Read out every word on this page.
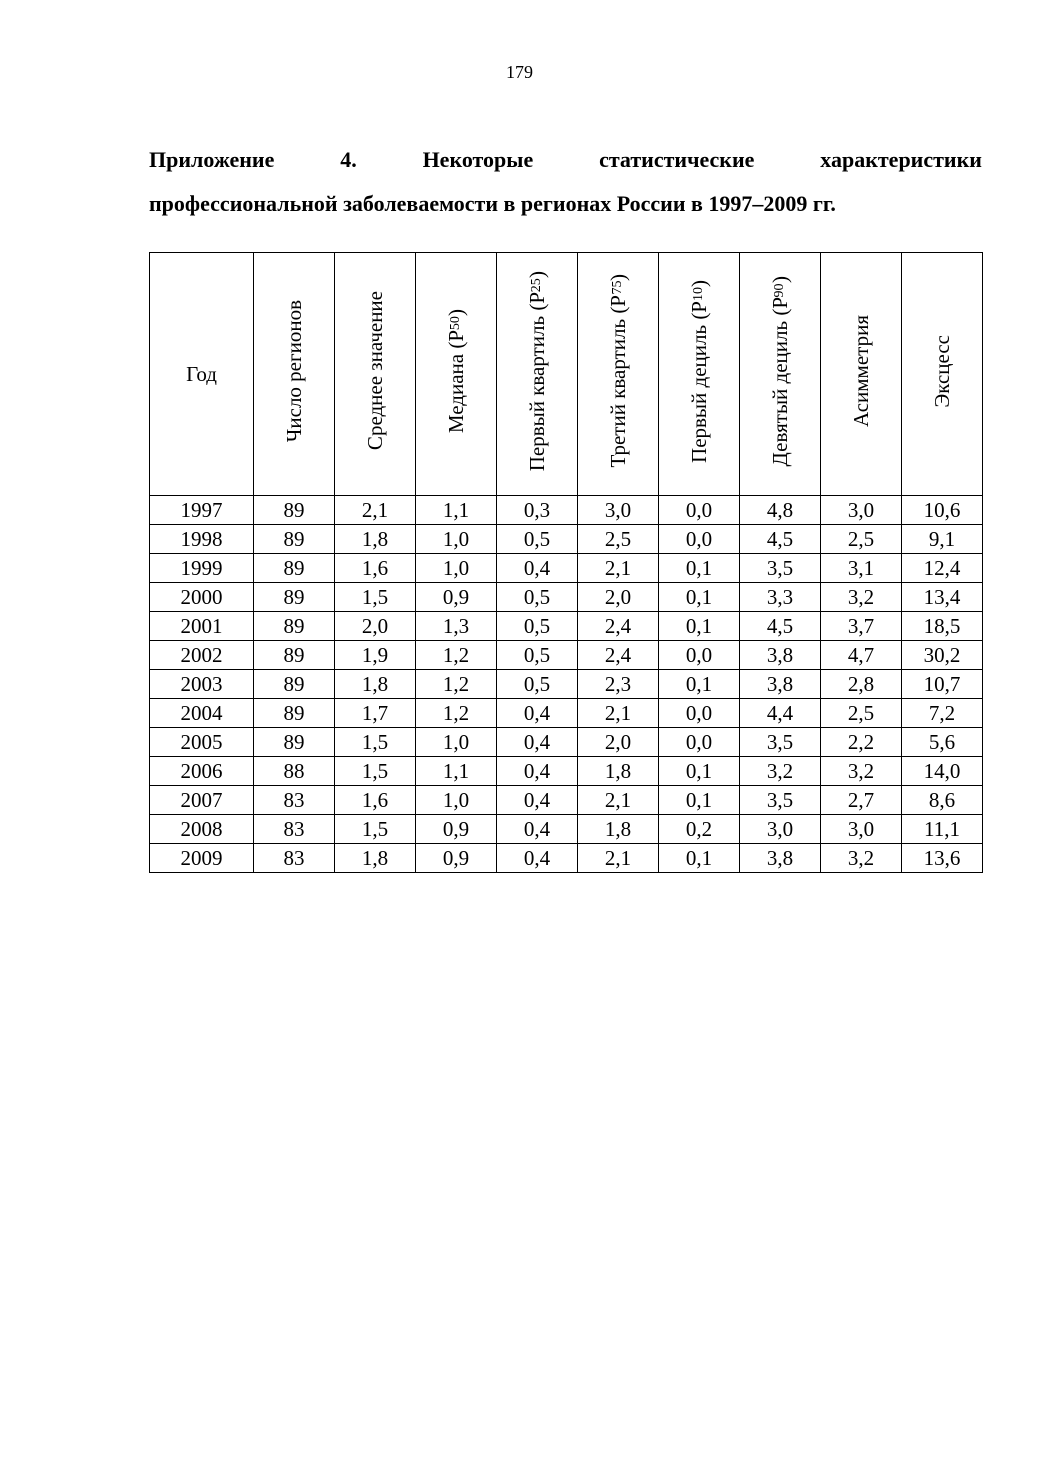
179
Приложение	4.	Некоторые	статистические	характеристики
профессиональной заболеваемости в регионах России в 1997–2009 гг.
Год	Число регионов	Среднее значение	Медиана (P50)	Первый квартиль (P25)	Третий квартиль (P75)	Первый дециль (P10)	Девятый дециль (P90)	Асимметрия	Эксцесс
1997	89	2,1	1,1	0,3	3,0	0,0	4,8	3,0	10,6
1998	89	1,8	1,0	0,5	2,5	0,0	4,5	2,5	9,1
1999	89	1,6	1,0	0,4	2,1	0,1	3,5	3,1	12,4
2000	89	1,5	0,9	0,5	2,0	0,1	3,3	3,2	13,4
2001	89	2,0	1,3	0,5	2,4	0,1	4,5	3,7	18,5
2002	89	1,9	1,2	0,5	2,4	0,0	3,8	4,7	30,2
2003	89	1,8	1,2	0,5	2,3	0,1	3,8	2,8	10,7
2004	89	1,7	1,2	0,4	2,1	0,0	4,4	2,5	7,2
2005	89	1,5	1,0	0,4	2,0	0,0	3,5	2,2	5,6
2006	88	1,5	1,1	0,4	1,8	0,1	3,2	3,2	14,0
2007	83	1,6	1,0	0,4	2,1	0,1	3,5	2,7	8,6
2008	83	1,5	0,9	0,4	1,8	0,2	3,0	3,0	11,1
2009	83	1,8	0,9	0,4	2,1	0,1	3,8	3,2	13,6
